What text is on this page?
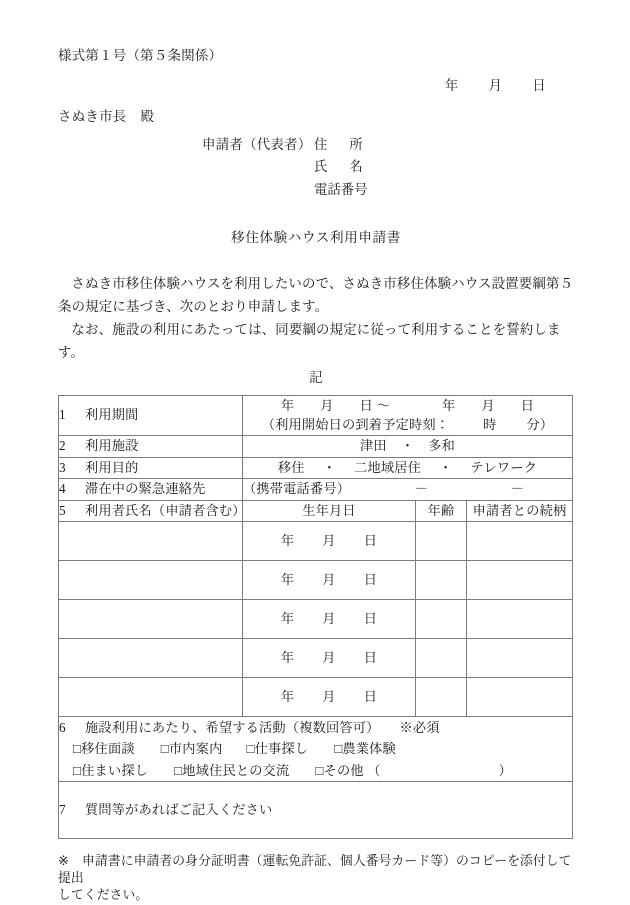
様式第１号（第５条関係）
年 月 日
さぬき市長 殿
申請者（代表者） 住 所
氏 名
電話番号
移住体験ハウス利用申請書

さぬき市移住体験ハウスを利用したいので、さぬき市移住体験ハウス設置要綱第５条の規定に基づき、次のとおり申請します。

なお、施設の利用にあたっては、同要綱の規定に従って利用することを誓約します。

記
1 利用期間	年 月 日 〜 年 月 日
（利用開始日の到着予定時刻： 時 分）		

2 利用施設	津田 ・ 多和		
3 利用目的	移住 ・ 二地域居住 ・ テレワーク		
4 滞在中の緊急連絡先	（携帯電話番号） － －		
5 利用者氏名（申請者含む）	生年月日	年齢	申請者との続柄
	年 月 日		
	年 月 日		
	年 月 日		
	年 月 日		
	年 月 日		

6 施設利用にあたり、希望する活動（複数回答可） ※必須
□移住面談 □市内案内 □仕事探し □農業体験
□住まい探し □地域住民との交流 □その他 （ ）			

7 質問等があればご記入ください			
※ 申請書に申請者の身分証明書（運転免許証、個人番号カード等）のコピーを添付して提出
してください。
